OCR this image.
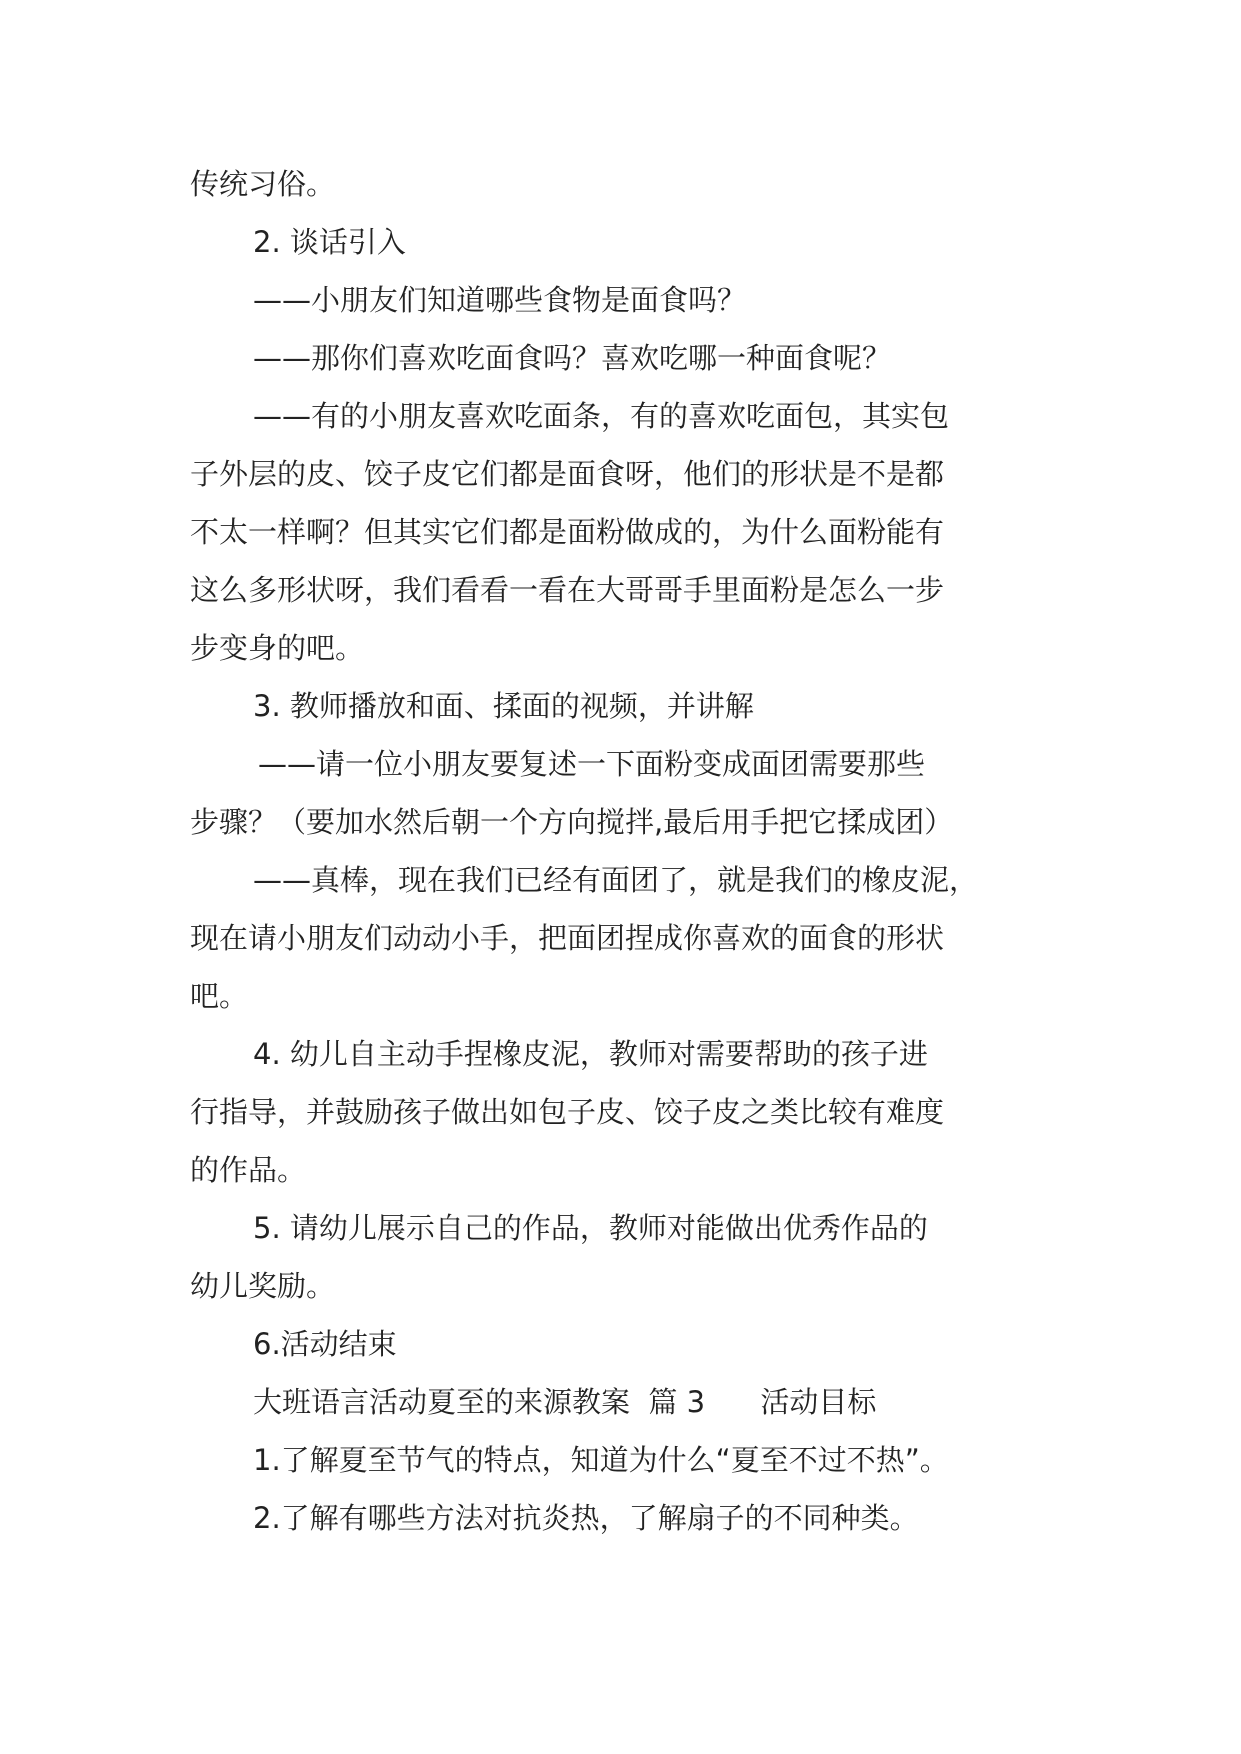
传统习俗。
2. 谈话引入
——小朋友们知道哪些食物是面食吗？
——那你们喜欢吃面食吗？喜欢吃哪一种面食呢？
——有的小朋友喜欢吃面条，有的喜欢吃面包，其实包
子外层的皮、饺子皮它们都是面食呀，他们的形状是不是都
不太一样啊？但其实它们都是面粉做成的，为什么面粉能有
这么多形状呀，我们看看一看在大哥哥手里面粉是怎么一步
步变身的吧。
3. 教师播放和面、揉面的视频，并讲解
——请一位小朋友要复述一下面粉变成面团需要那些
步骤？（要加水然后朝一个方向搅拌,最后用手把它揉成团）
——真棒，现在我们已经有面团了，就是我们的橡皮泥，
现在请小朋友们动动小手，把面团捏成你喜欢的面食的形状
吧。
4. 幼儿自主动手捏橡皮泥，教师对需要帮助的孩子进
行指导，并鼓励孩子做出如包子皮、饺子皮之类比较有难度
的作品。
5. 请幼儿展示自己的作品，教师对能做出优秀作品的
幼儿奖励。
6.活动结束
大班语言活动夏至的来源教案  篇 3      活动目标
1.了解夏至节气的特点，知道为什么“夏至不过不热”。
2.了解有哪些方法对抗炎热，了解扇子的不同种类。
